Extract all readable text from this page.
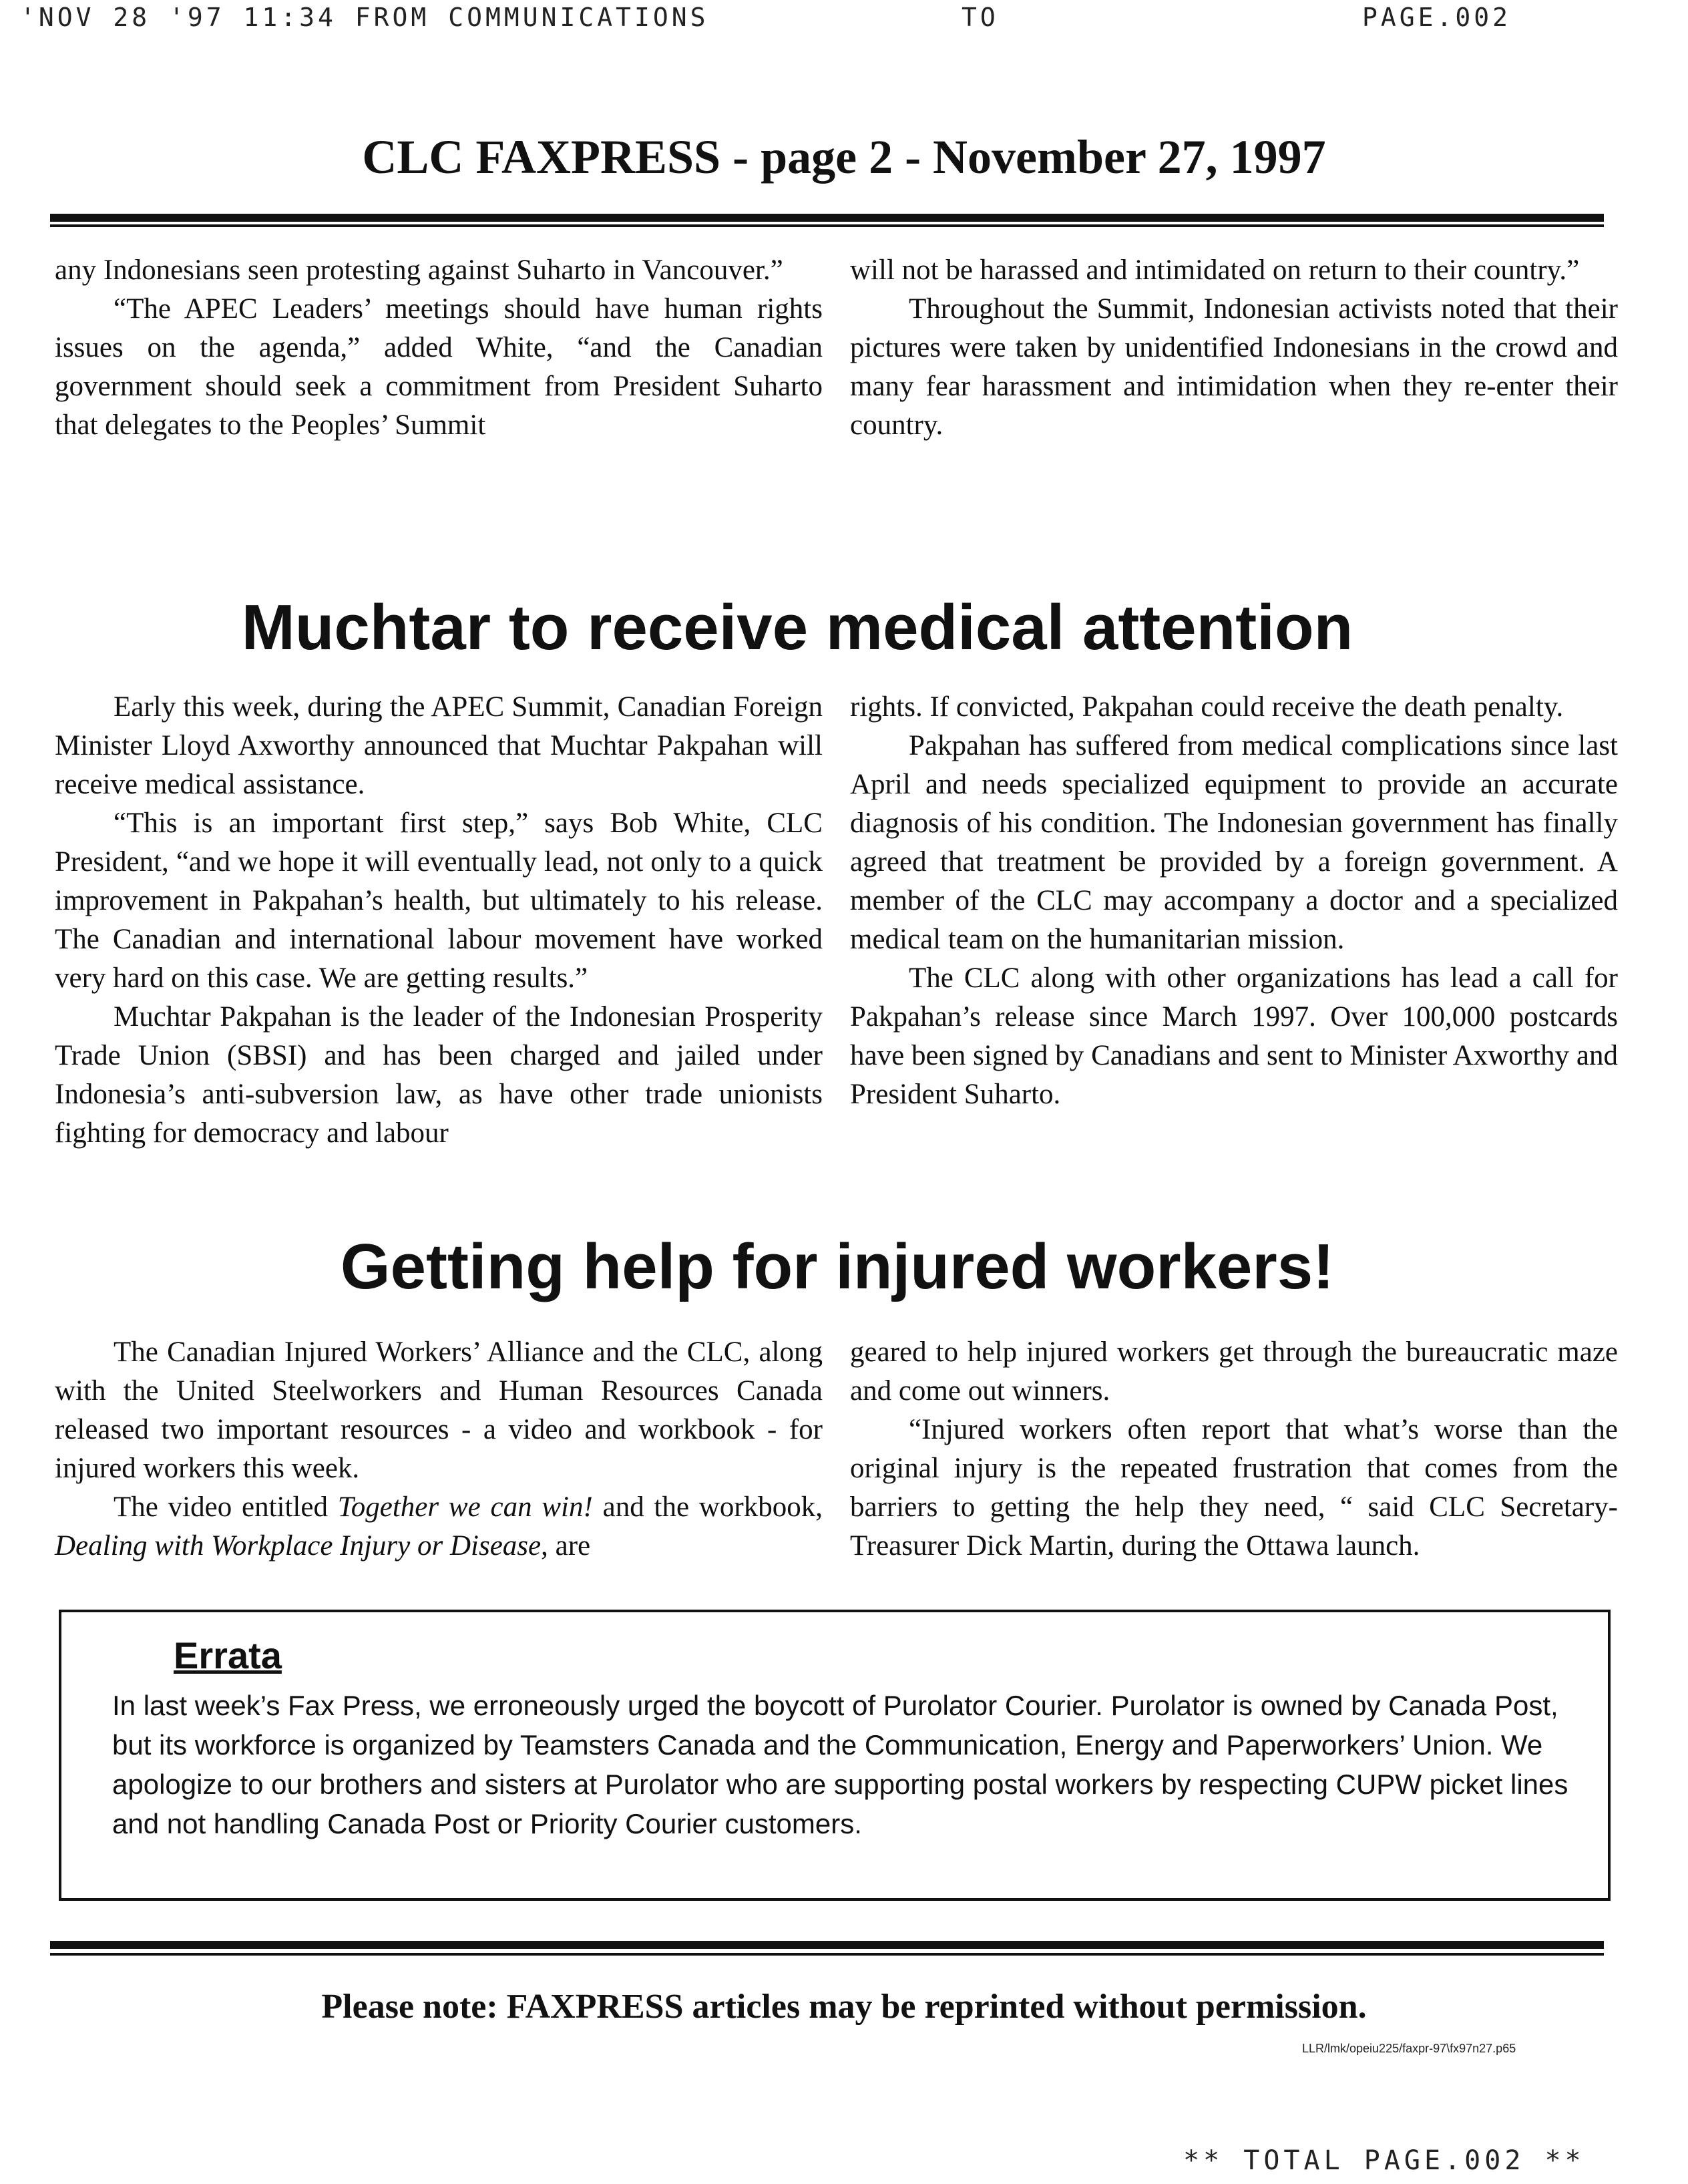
'NOV 28 '97 11:34 FROM COMMUNICATIONS	TO	PAGE.002
CLC FAXPRESS - page 2 - November 27, 1997

any Indonesians seen protesting against Suharto in Vancouver.”

“The APEC Leaders’ meetings should have human rights issues on the agenda,” added White, “and the Canadian government should seek a commitment from President Suharto that delegates to the Peoples’ Summit

will not be harassed and intimidated on return to their country.”

Throughout the Summit, Indonesian activists noted that their pictures were taken by unidentified Indonesians in the crowd and many fear harassment and intimidation when they re-enter their country.

Muchtar to receive medical attention

Early this week, during the APEC Summit, Canadian Foreign Minister Lloyd Axworthy announced that Muchtar Pakpahan will receive medical assistance.

“This is an important first step,” says Bob White, CLC President, “and we hope it will eventually lead, not only to a quick improvement in Pakpahan’s health, but ultimately to his release. The Canadian and international labour movement have worked very hard on this case. We are getting results.”

Muchtar Pakpahan is the leader of the Indonesian Prosperity Trade Union (SBSI) and has been charged and jailed under Indonesia’s anti-subversion law, as have other trade unionists fighting for democracy and labour

rights. If convicted, Pakpahan could receive the death penalty.

Pakpahan has suffered from medical complications since last April and needs specialized equipment to provide an accurate diagnosis of his condition. The Indonesian government has finally agreed that treatment be provided by a foreign government. A member of the CLC may accompany a doctor and a specialized medical team on the humanitarian mission.

The CLC along with other organizations has lead a call for Pakpahan’s release since March 1997. Over 100,000 postcards have been signed by Canadians and sent to Minister Axworthy and President Suharto.

Getting help for injured workers!

The Canadian Injured Workers’ Alliance and the CLC, along with the United Steelworkers and Human Resources Canada released two important resources - a video and workbook - for injured workers this week.

The video entitled Together we can win! and the workbook, Dealing with Workplace Injury or Disease, are

geared to help injured workers get through the bureaucratic maze and come out winners.

“Injured workers often report that what’s worse than the original injury is the repeated frustration that comes from the barriers to getting the help they need, “ said CLC Secretary-Treasurer Dick Martin, during the Ottawa launch.

Errata

In last week’s Fax Press, we erroneously urged the boycott of Purolator Courier. Purolator is owned by Canada Post, but its workforce is organized by Teamsters Canada and the Communication, Energy and Paperworkers’ Union. We apologize to our brothers and sisters at Purolator who are supporting postal workers by respecting CUPW picket lines and not handling Canada Post or Priority Courier customers.

Please note: FAXPRESS articles may be reprinted without permission.
LLR/lmk/opeiu225/faxpr-97\fx97n27.p65
** TOTAL PAGE.002 **
